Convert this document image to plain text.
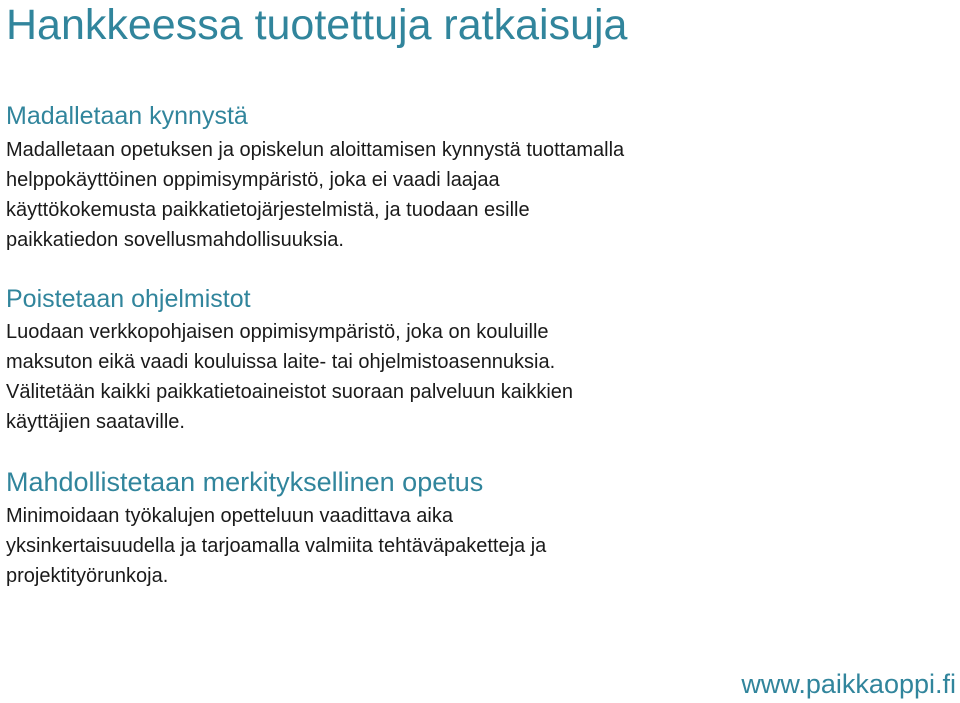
Hankkeessa tuotettuja ratkaisuja
Madalletaan kynnystä
Madalletaan opetuksen ja opiskelun aloittamisen kynnystä tuottamalla
helppokäyttöinen oppimisympäristö, joka ei vaadi laajaa
käyttökokemusta paikkatietojärjestelmistä, ja tuodaan esille
paikkatiedon sovellusmahdollisuuksia.
Poistetaan ohjelmistot
Luodaan verkkopohjaisen oppimisympäristö, joka on kouluille
maksuton eikä vaadi kouluissa laite- tai ohjelmistoasennuksia.
Välitetään kaikki paikkatietoaineistot suoraan palveluun kaikkien
käyttäjien saataville.
Mahdollistetaan merkityksellinen opetus
Minimoidaan työkalujen opetteluun vaadittava aika
yksinkertaisuudella ja tarjoamalla valmiita tehtäväpaketteja ja
projektityörunkoja.
www.paikkaoppi.fi
